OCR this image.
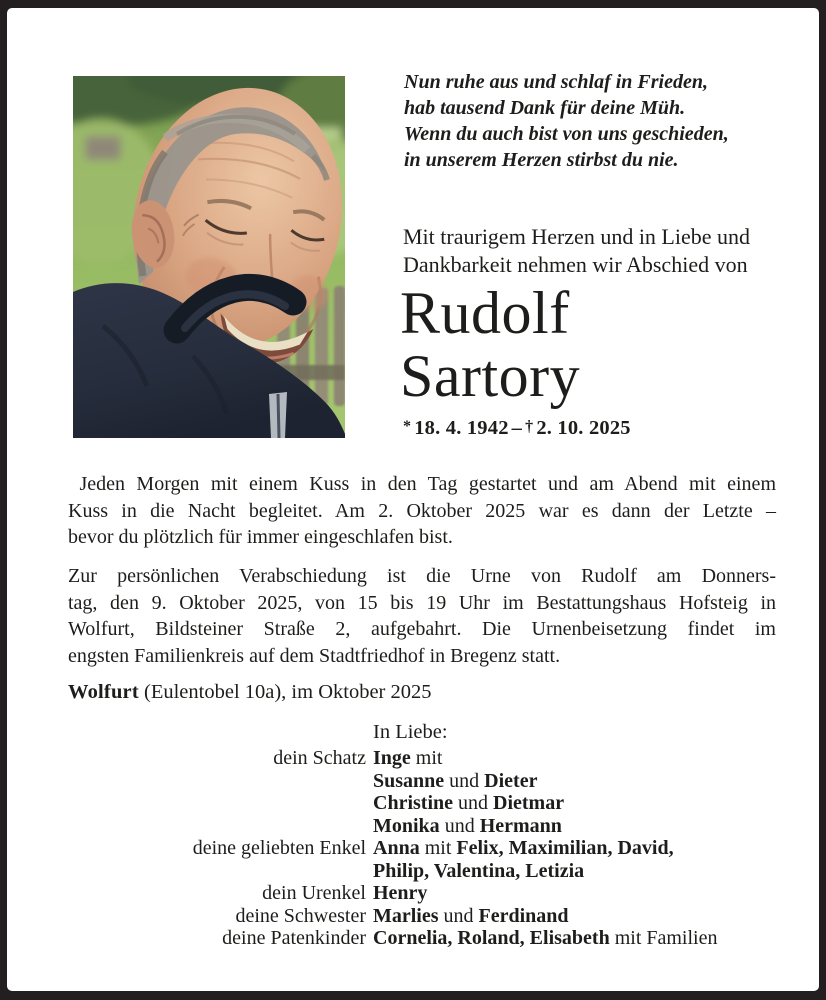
Nun ruhe aus und schlaf in Frieden,
hab tausend Dank für deine Müh.
Wenn du auch bist von uns geschieden,
in unserem Herzen stirbst du nie.
Mit traurigem Herzen und in Liebe und
Dankbarkeit nehmen wir Abschied von
Rudolf
Sartory
* 18. 4. 1942 – † 2. 10. 2025
Jeden Morgen mit einem Kuss in den Tag gestartet und am Abend mit einem
Kuss in die Nacht begleitet. Am 2. Oktober 2025 war es dann der Letzte –
bevor du plötzlich für immer eingeschlafen bist.
Zur persönlichen Verabschiedung ist die Urne von Rudolf am Donners-
tag, den 9. Oktober 2025, von 15 bis 19 Uhr im Bestattungshaus Hofsteig in
Wolfurt, Bildsteiner Straße 2, aufgebahrt. Die Urnenbeisetzung findet im
engsten Familienkreis auf dem Stadtfriedhof in Bregenz statt.
Wolfurt (Eulentobel 10a), im Oktober 2025
In Liebe:
dein Schatz Inge mit
Susanne und Dieter
Christine und Dietmar
Monika und Hermann
deine geliebten Enkel Anna mit Felix, Maximilian, David,
Philip, Valentina, Letizia
dein Urenkel Henry
deine Schwester Marlies und Ferdinand
deine Patenkinder Cornelia, Roland, Elisabeth mit Familien
